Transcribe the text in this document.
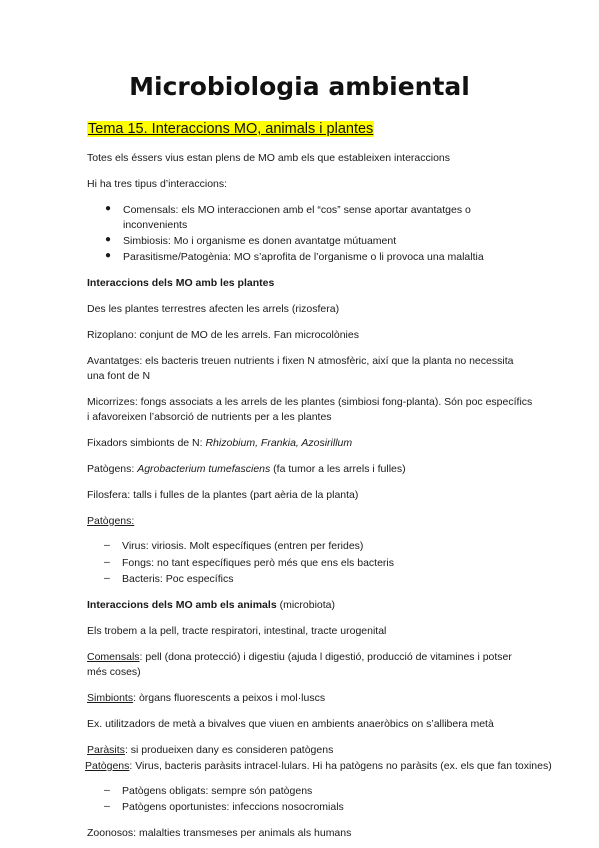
Microbiologia ambiental
Tema 15. Interaccions MO, animals i plantes
Totes els éssers vius estan plens de MO amb els que estableixen interaccions
Hi ha tres tipus d’interaccions:
● Comensals: els MO interaccionen amb el “cos” sense aportar avantatges o
inconvenients
● Simbiosis: Mo i organisme es donen avantatge mútuament
● Parasitisme/Patogènia: MO s’aprofita de l’organisme o li provoca una malaltia
Interaccions dels MO amb les plantes
Des les plantes terrestres afecten les arrels (rizosfera)
Rizoplano: conjunt de MO de les arrels. Fan microcolònies
Avantatges: els bacteris treuen nutrients i fixen N atmosfèric, així que la planta no necessita
una font de N
Micorrizes: fongs associats a les arrels de les plantes (simbiosi fong-planta). Són poc específics
i afavoreixen l’absorció de nutrients per a les plantes
Fixadors simbionts de N: Rhizobium, Frankia, Azosirillum
Patògens: Agrobacterium tumefasciens (fa tumor a les arrels i fulles)
Filosfera: talls i fulles de la plantes (part aèria de la planta)
Patògens:
– Virus: viriosis. Molt específiques (entren per ferides)
– Fongs: no tant específiques però més que ens els bacteris
– Bacteris: Poc específics
Interaccions dels MO amb els animals (microbiota)
Els trobem a la pell, tracte respiratori, intestinal, tracte urogenital
Comensals: pell (dona protecció) i digestiu (ajuda l digestió, producció de vitamines i potser
més coses)
Simbionts: òrgans fluorescents a peixos i mol·luscs
Ex. utilitzadors de metà a bivalves que viuen en ambients anaeròbics on s’allibera metà
Paràsits: si produeixen dany es consideren patògens
Patògens: Virus, bacteris paràsits intracel·lulars. Hi ha patògens no paràsits (ex. els que fan toxines)
– Patògens obligats: sempre són patògens
– Patògens oportunistes: infeccions nosocromials
Zoonosos: malalties transmeses per animals als humans
